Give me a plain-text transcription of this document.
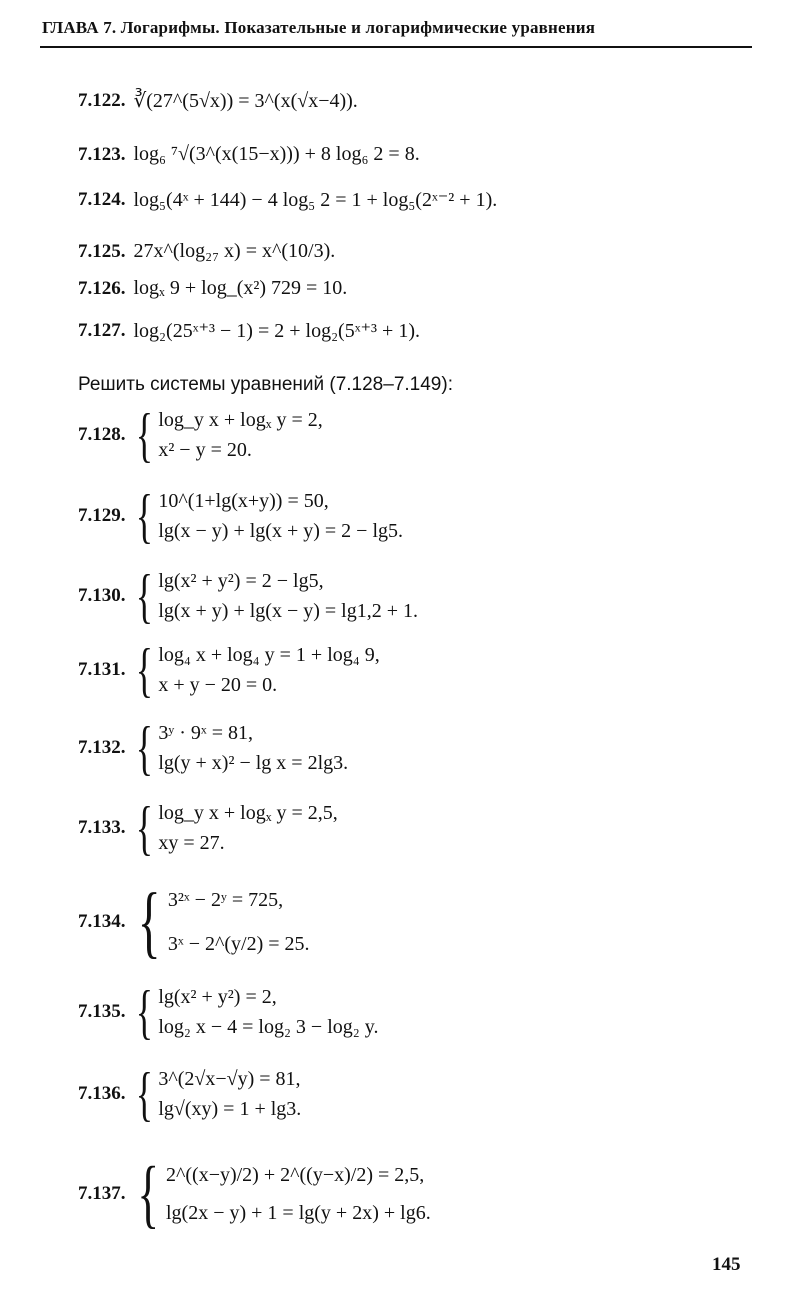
ГЛАВА 7. Логарифмы. Показательные и логарифмические уравнения
7.122. ∛(27^(5√x)) = 3^(x(√x−4)).
7.123. log₆ ⁷√(3^(x(15−x))) + 8 log₆ 2 = 8.
7.124. log₅(4ˣ + 144) − 4 log₅ 2 = 1 + log₅(2ˣ⁻² + 1).
7.125. 27x^(log₂₇ x) = x^(10/3).
7.126. logₓ 9 + log_(x²) 729 = 10.
7.127. log₂(25ˣ⁺³ − 1) = 2 + log₂(5ˣ⁺³ + 1).
Решить системы уравнений (7.128–7.149):
7.128. { log_y x + logₓ y = 2,
x² − y = 20.
7.129. { 10^(1+lg(x+y)) = 50,
lg(x − y) + lg(x + y) = 2 − lg5.
7.130. { lg(x² + y²) = 2 − lg5,
lg(x + y) + lg(x − y) = lg1,2 + 1.
7.131. { log₄ x + log₄ y = 1 + log₄ 9,
x + y − 20 = 0.
7.132. { 3ʸ · 9ˣ = 81,
lg(y + x)² − lg x = 2lg3.
7.133. { log_y x + logₓ y = 2,5,
xy = 27.
7.134. { 3²ˣ − 2ʸ = 725,
3ˣ − 2^(y/2) = 25.
7.135. { lg(x² + y²) = 2,
log₂ x − 4 = log₂ 3 − log₂ y.
7.136. { 3^(2√x−√y) = 81,
lg√(xy) = 1 + lg3.
7.137. { 2^((x−y)/2) + 2^((y−x)/2) = 2,5,
lg(2x − y) + 1 = lg(y + 2x) + lg6.
145
